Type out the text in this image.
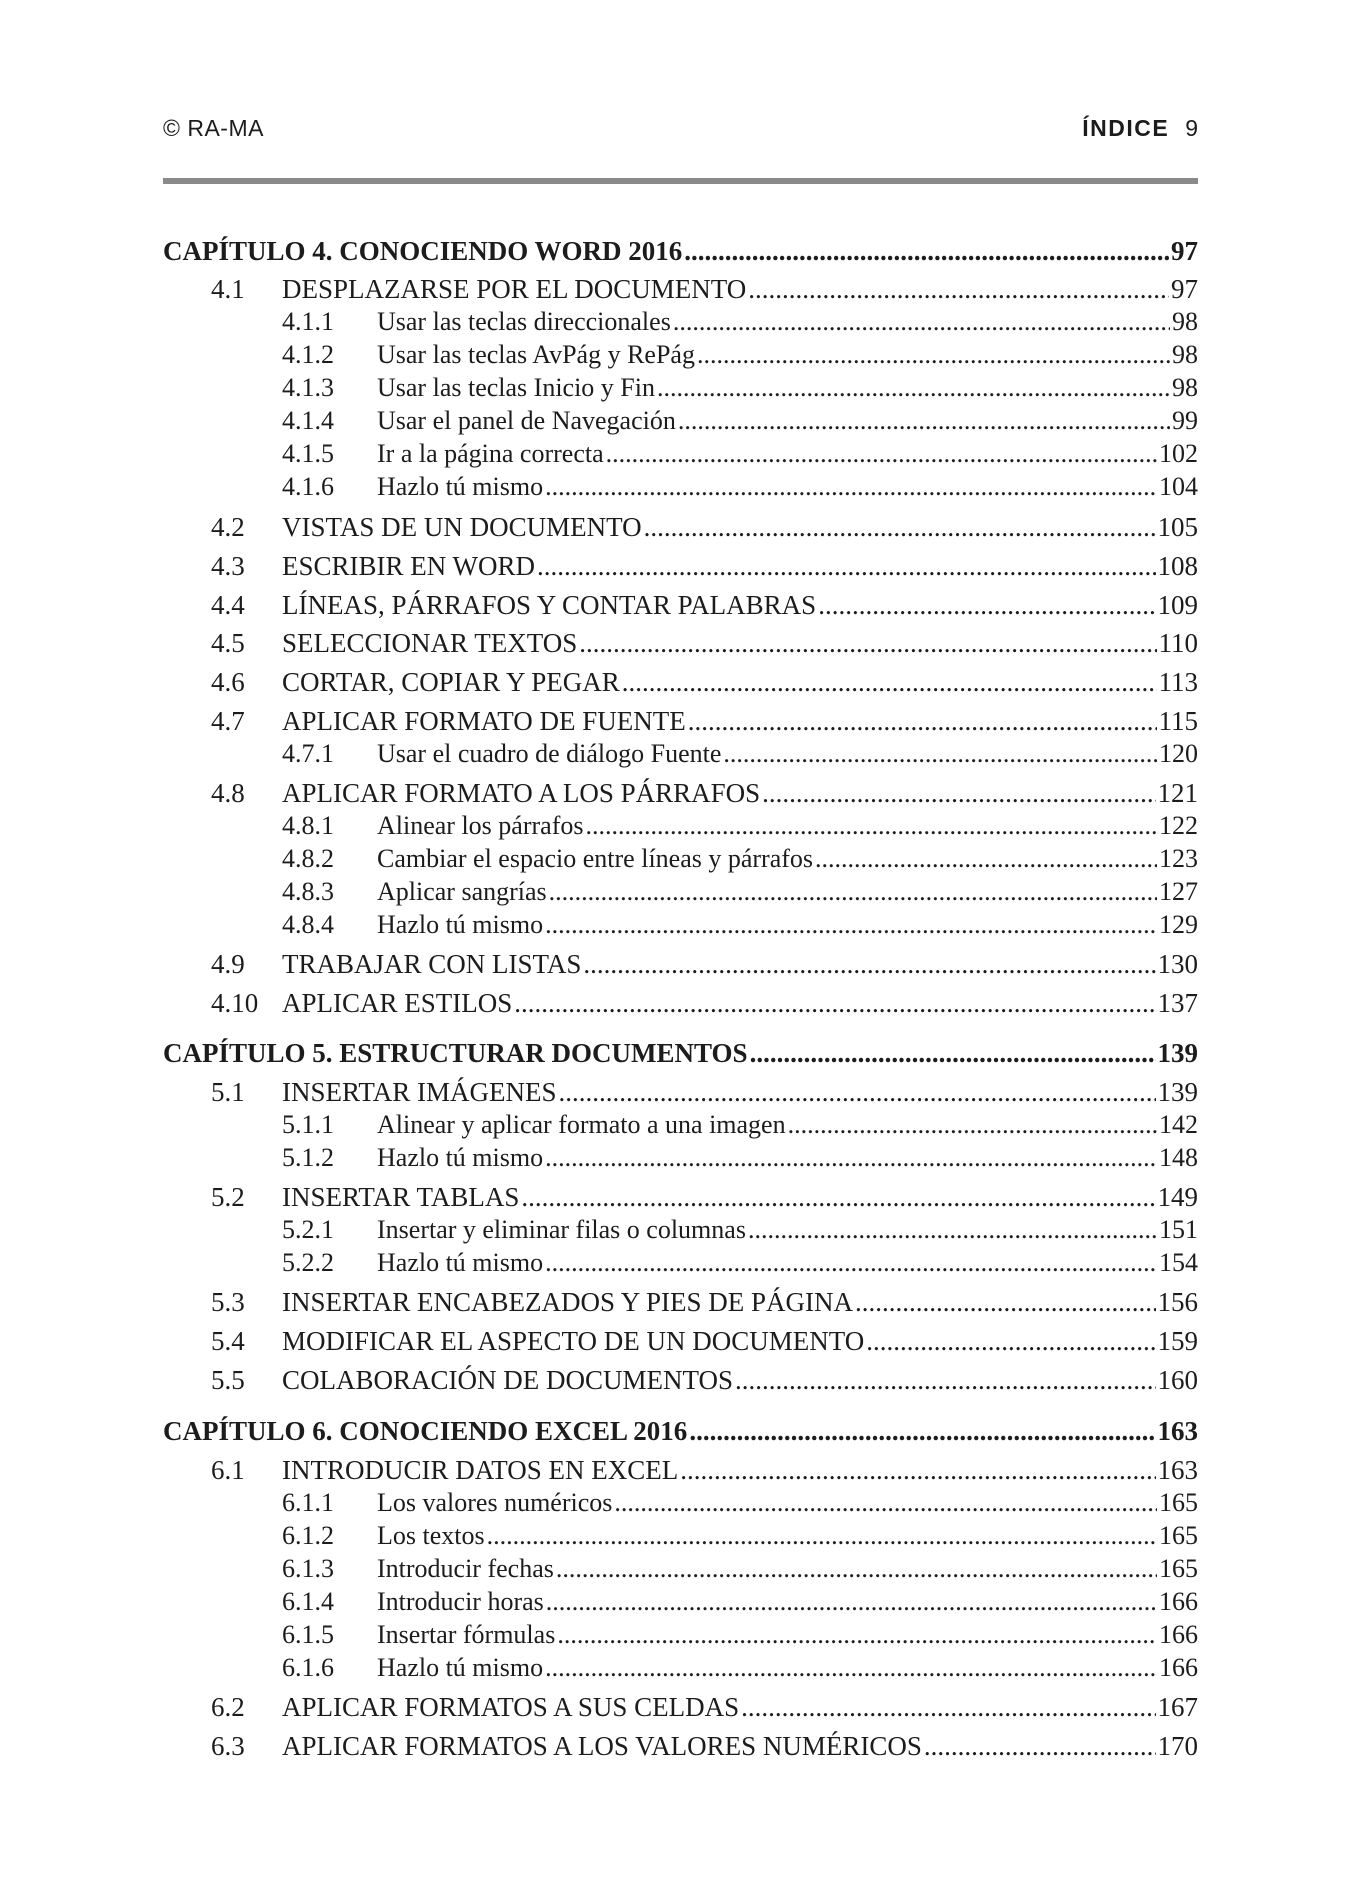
© RA-MA	ÍNDICE 9
CAPÍTULO 4. CONOCIENDO WORD 2016 .....	97
4.1	DESPLAZARSE POR EL DOCUMENTO .....	97
4.1.1	Usar las teclas direccionales .....	98
4.1.2	Usar las teclas AvPág y RePág .....	98
4.1.3	Usar las teclas Inicio y Fin .....	98
4.1.4	Usar el panel de Navegación .....	99
4.1.5	Ir a la página correcta .....	102
4.1.6	Hazlo tú mismo .....	104
4.2	VISTAS DE UN DOCUMENTO .....	105
4.3	ESCRIBIR EN WORD .....	108
4.4	LÍNEAS, PÁRRAFOS Y CONTAR PALABRAS .....	109
4.5	SELECCIONAR TEXTOS .....	110
4.6	CORTAR, COPIAR Y PEGAR .....	113
4.7	APLICAR FORMATO DE FUENTE .....	115
4.7.1	Usar el cuadro de diálogo Fuente .....	120
4.8	APLICAR FORMATO A LOS PÁRRAFOS .....	121
4.8.1	Alinear los párrafos .....	122
4.8.2	Cambiar el espacio entre líneas y párrafos .....	123
4.8.3	Aplicar sangrías .....	127
4.8.4	Hazlo tú mismo .....	129
4.9	TRABAJAR CON LISTAS .....	130
4.10 APLICAR ESTILOS .....	137
CAPÍTULO 5. ESTRUCTURAR DOCUMENTOS .....	139
5.1	INSERTAR IMÁGENES .....	139
5.1.1	Alinear y aplicar formato a una imagen .....	142
5.1.2	Hazlo tú mismo .....	148
5.2	INSERTAR TABLAS .....	149
5.2.1	Insertar y eliminar filas o columnas .....	151
5.2.2	Hazlo tú mismo .....	154
5.3	INSERTAR ENCABEZADOS Y PIES DE PÁGINA .....	156
5.4	MODIFICAR EL ASPECTO DE UN DOCUMENTO .....	159
5.5	COLABORACIÓN DE DOCUMENTOS .....	160
CAPÍTULO 6. CONOCIENDO EXCEL 2016 .....	163
6.1	INTRODUCIR DATOS EN EXCEL .....	163
6.1.1	Los valores numéricos .....	165
6.1.2	Los textos .....	165
6.1.3	Introducir fechas .....	165
6.1.4	Introducir horas .....	166
6.1.5	Insertar fórmulas .....	166
6.1.6	Hazlo tú mismo .....	166
6.2	APLICAR FORMATOS A SUS CELDAS .....	167
6.3	APLICAR FORMATOS A LOS VALORES NUMÉRICOS .....	170
